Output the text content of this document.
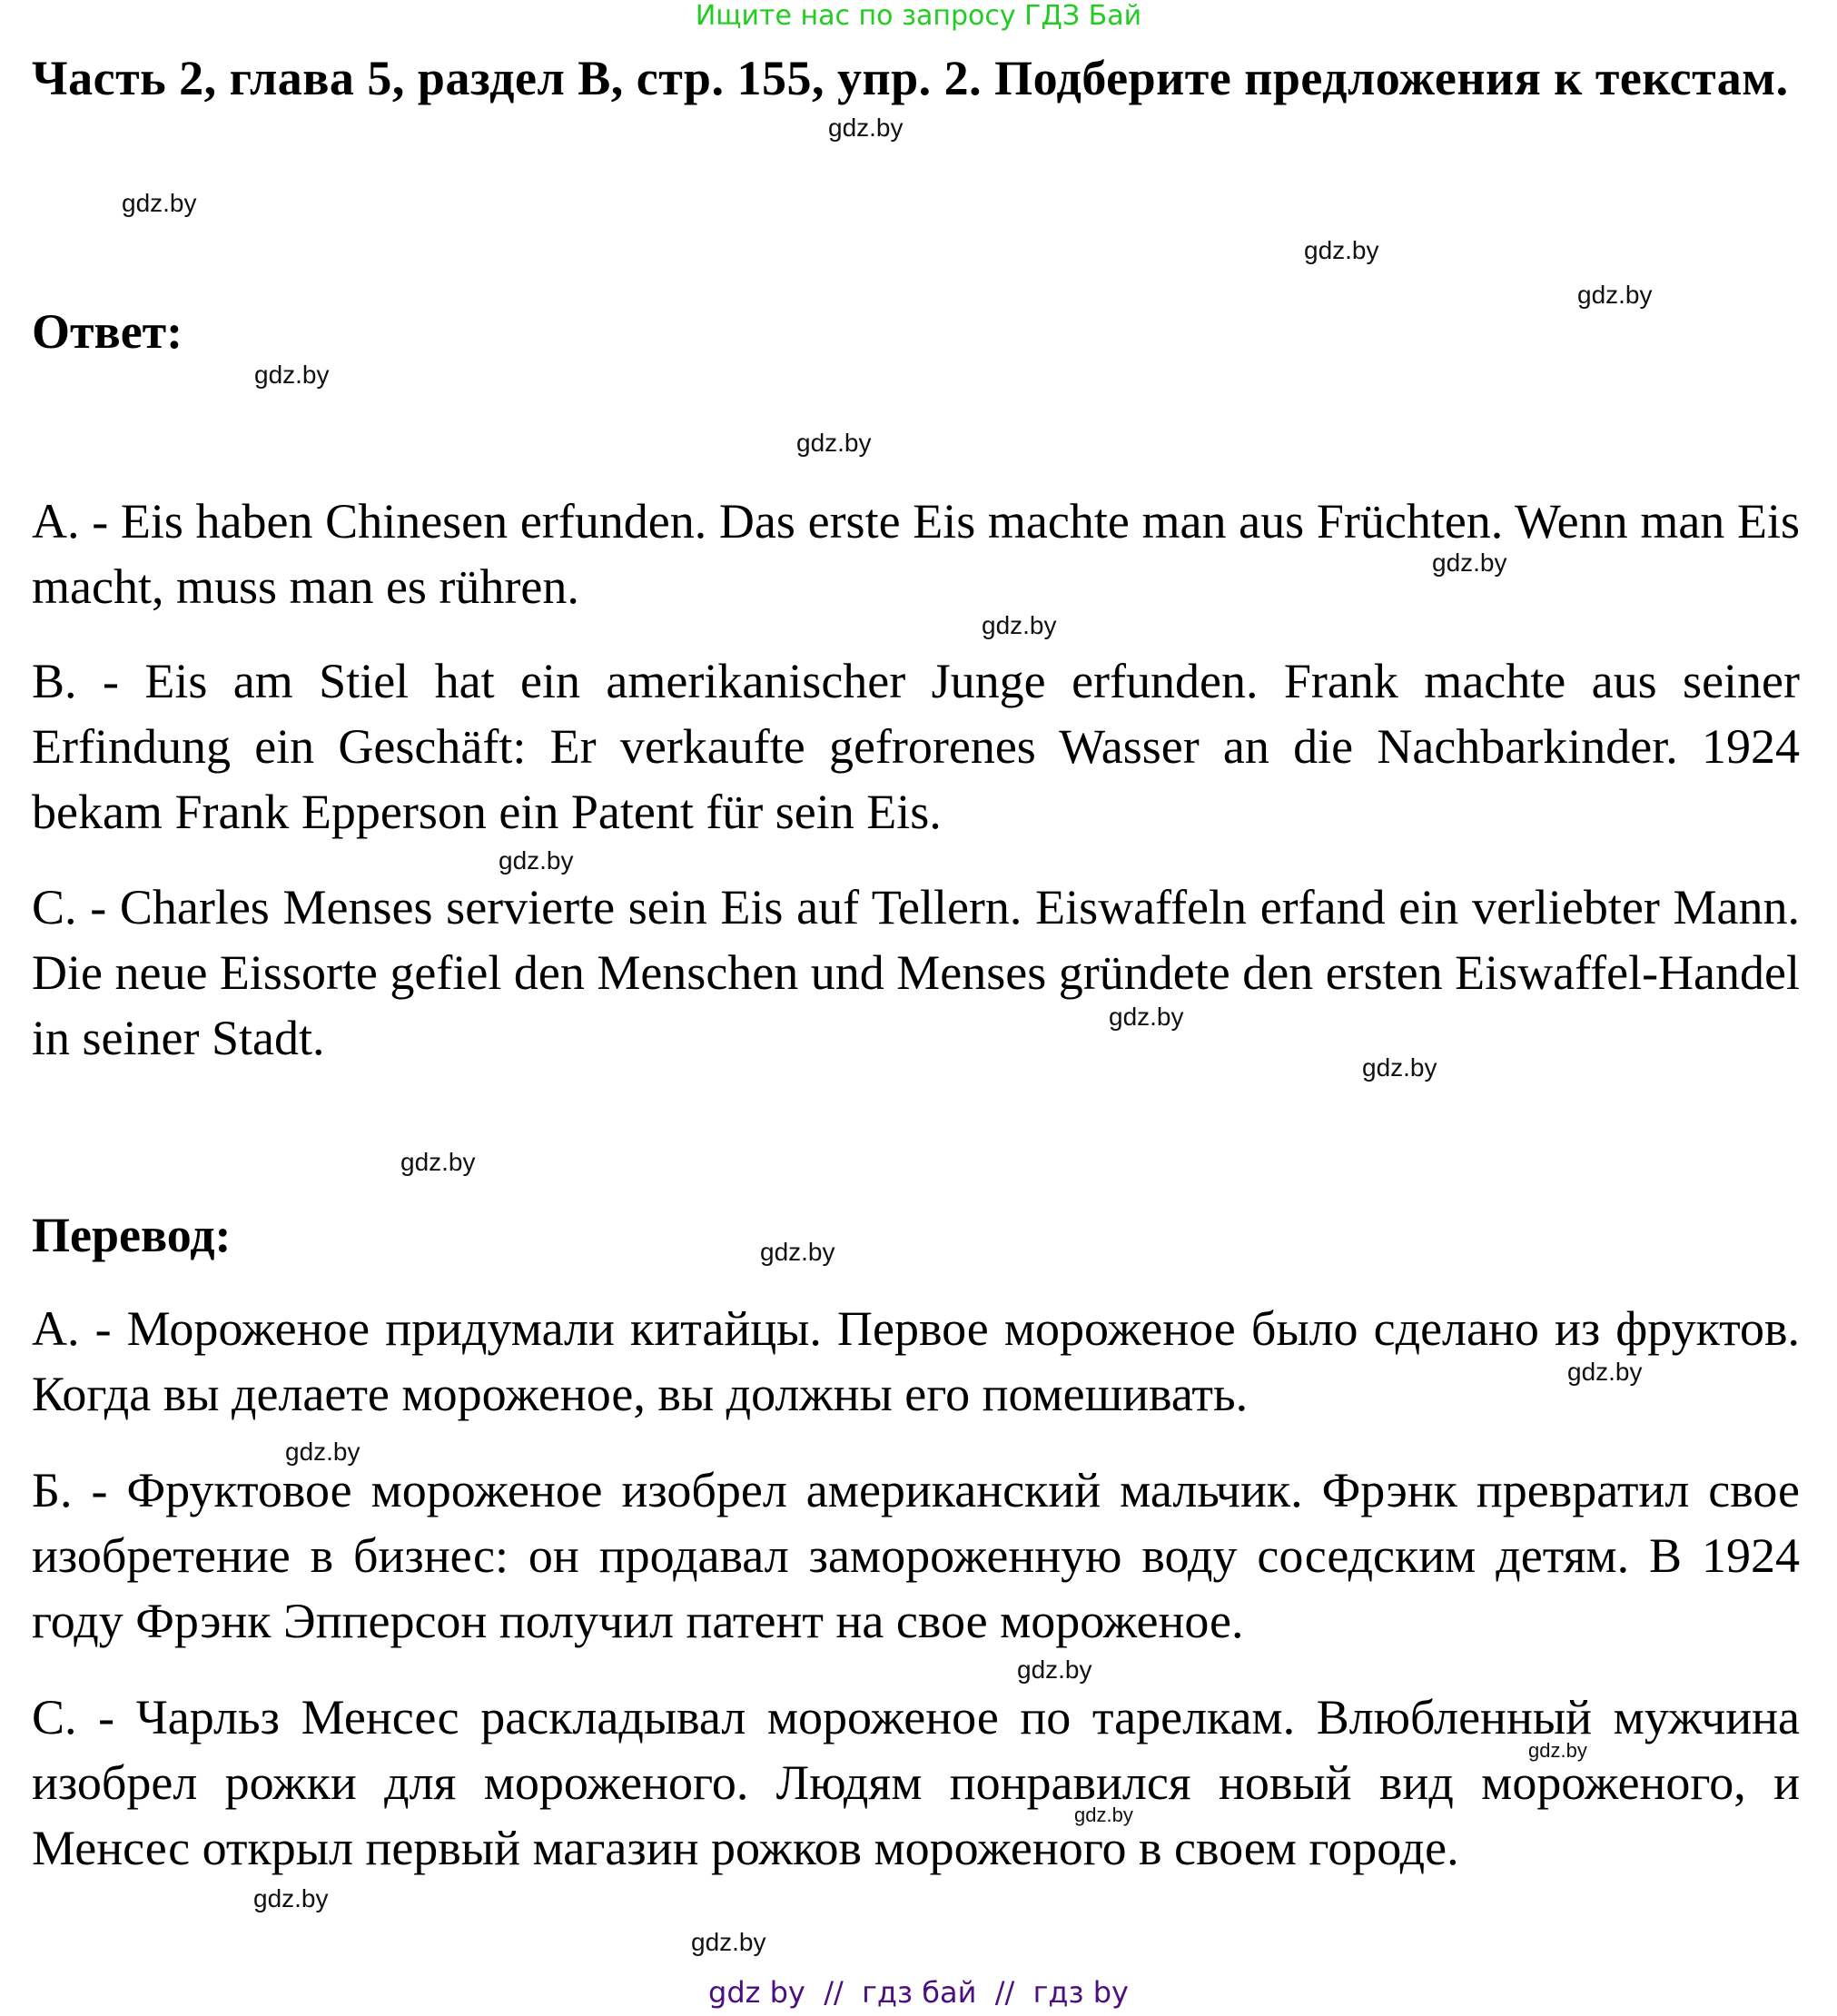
Ищите нас по запросу ГДЗ Бай
Часть 2, глава 5, раздел B, стр. 155, упр. 2. Подберите предложения к текстам.
Ответ:
A. - Eis haben Chinesen erfunden. Das erste Eis machte man aus Früchten. Wenn man Eis macht, muss man es rühren.
B. - Eis am Stiel hat ein amerikanischer Junge erfunden. Frank machte aus seiner Erfindung ein Geschäft: Er verkaufte gefrorenes Wasser an die Nachbarkinder. 1924 bekam Frank Epperson ein Patent für sein Eis.
C. - Charles Menses servierte sein Eis auf Tellern. Eiswaffeln erfand ein verliebter Mann. Die neue Eissorte gefiel den Menschen und Menses gründete den ersten Eiswaffel-Handel in seiner Stadt.
Перевод:
А. - Мороженое придумали китайцы. Первое мороженое было сделано из фруктов. Когда вы делаете мороженое, вы должны его помешивать.
Б. - Фруктовое мороженое изобрел американский мальчик. Фрэнк превратил свое изобретение в бизнес: он продавал замороженную воду соседским детям. В 1924 году Фрэнк Эпперсон получил патент на свое мороженое.
С. - Чарльз Менсес раскладывал мороженое по тарелкам. Влюбленный мужчина изобрел рожки для мороженого. Людям понравился новый вид мороженого, и Менсес открыл первый магазин рожков мороженого в своем городе.
gdz.by
gdz.by
gdz.by
gdz.by
gdz.by
gdz.by
gdz.by
gdz.by
gdz.by
gdz.by
gdz.by
gdz.by
gdz.by
gdz.by
gdz.by
gdz.by
gdz.by
gdz.by
gdz.by
gdz.by
gdz by  //  гдз бай  //  гдз by
